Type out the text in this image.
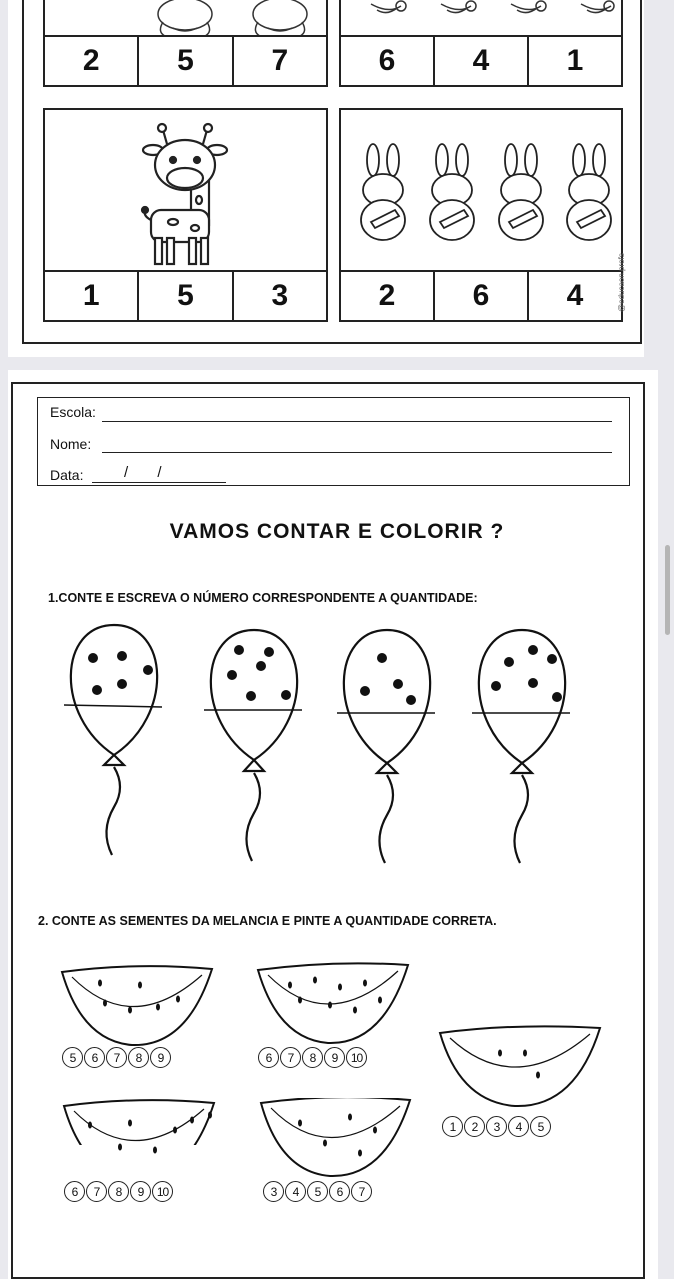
2	5	7	6	4	1
1	5	3	2	6	4	@educaon.profs
Escola:
Nome:
Data:	/       /
VAMOS CONTAR E COLORIR ?
1.CONTE E ESCREVA O NÚMERO CORRESPONDENTE A QUANTIDADE:
2. CONTE AS SEMENTES DA MELANCIA E PINTE A QUANTIDADE CORRETA.
5	6	7	8	9	6	7	8	9	10
1	2	3	4	5
6	7	8	9	10	3	4	5	6	7
